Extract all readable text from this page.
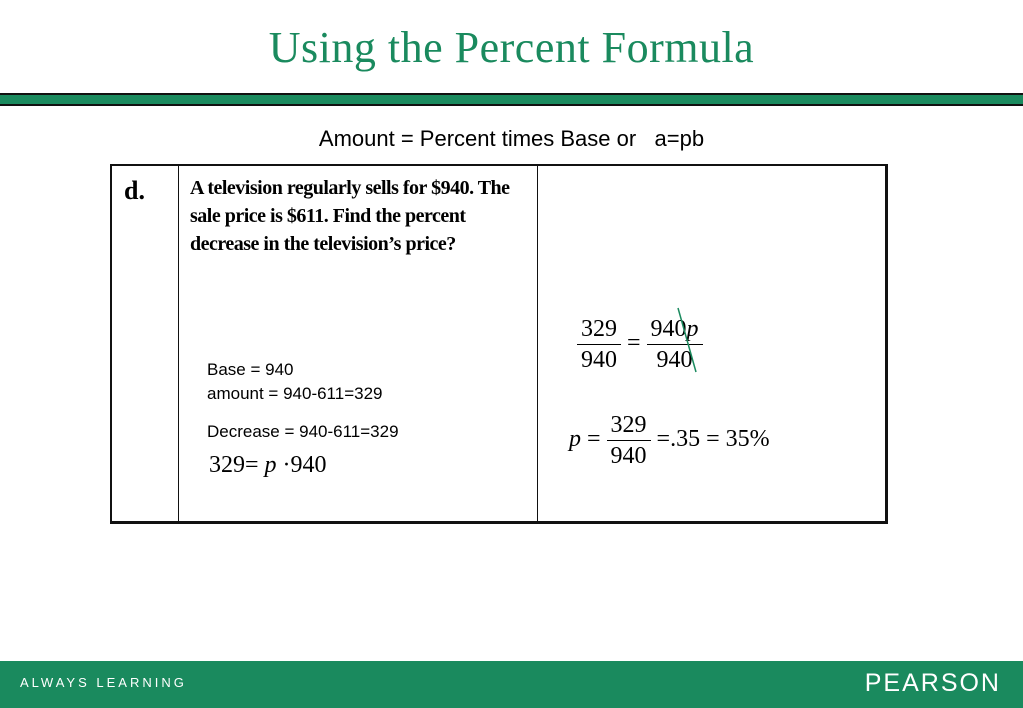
Using the Percent Formula
Amount = Percent times Base or   a=pb
d. A television regularly sells for $940. The sale price is $611. Find the percent decrease in the television’s price?
Base = 940
amount = 940-611=329
Decrease = 940-611=329
329= p ·940
$\frac{329}{940} = \frac{940p}{940}$
$p = \frac{329}{940} =.35 = 35\%$
ALWAYS LEARNING	PEARSON
